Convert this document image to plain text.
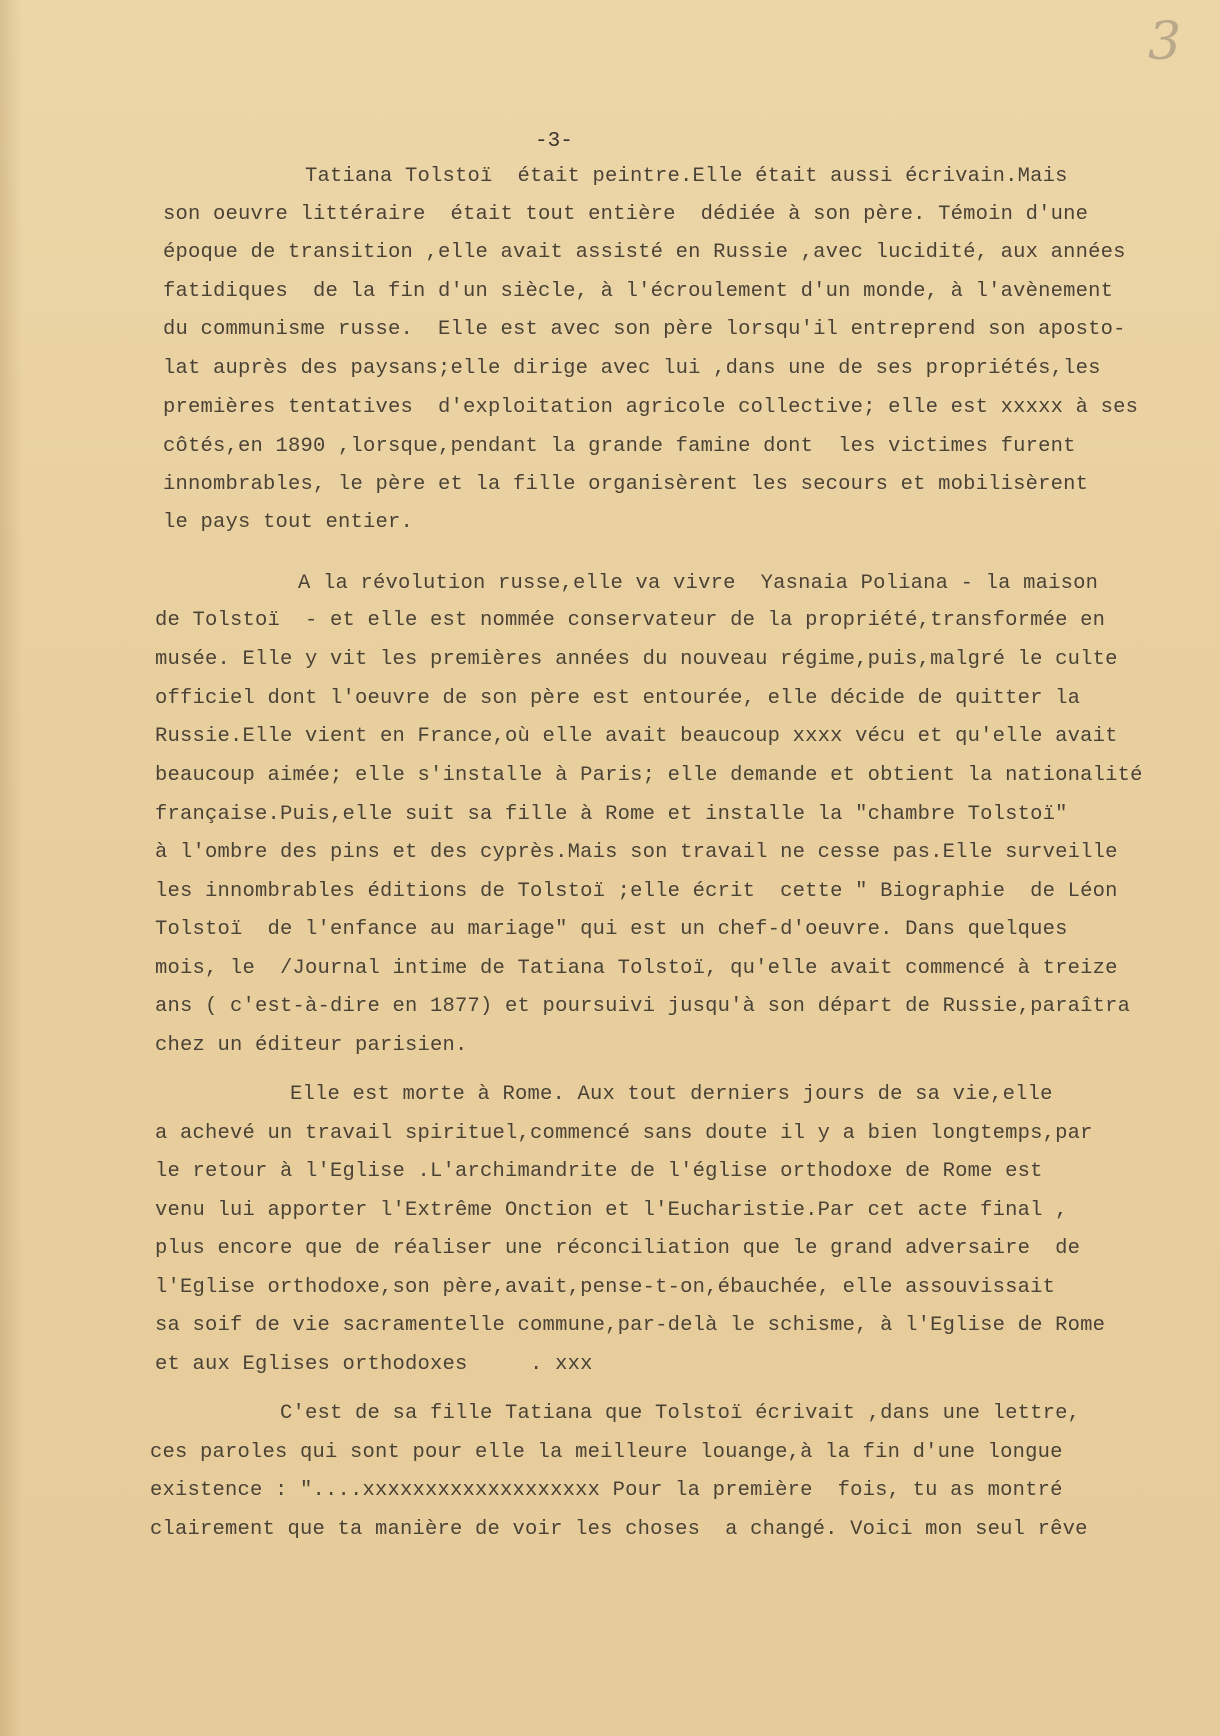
3
-3-
Tatiana Tolstoï  était peintre.Elle était aussi écrivain.Mais
son oeuvre littéraire  était tout entière  dédiée à son père. Témoin d'une
époque de transition ,elle avait assisté en Russie ,avec lucidité, aux années
fatidiques  de la fin d'un siècle, à l'écroulement d'un monde, à l'avènement
du communisme russe.  Elle est avec son père lorsqu'il entreprend son aposto-
lat auprès des paysans;elle dirige avec lui ,dans une de ses propriétés,les
premières tentatives  d'exploitation agricole collective; elle est xxxxx à ses
côtés,en 1890 ,lorsque,pendant la grande famine dont  les victimes furent
innombrables, le père et la fille organisèrent les secours et mobilisèrent
le pays tout entier.
A la révolution russe,elle va vivre  Yasnaia Poliana - la maison
de Tolstoï  - et elle est nommée conservateur de la propriété,transformée en
musée. Elle y vit les premières années du nouveau régime,puis,malgré le culte
officiel dont l'oeuvre de son père est entourée, elle décide de quitter la
Russie.Elle vient en France,où elle avait beaucoup xxxx vécu et qu'elle avait
beaucoup aimée; elle s'installe à Paris; elle demande et obtient la nationalité
française.Puis,elle suit sa fille à Rome et installe la "chambre Tolstoï"
à l'ombre des pins et des cyprès.Mais son travail ne cesse pas.Elle surveille
les innombrables éditions de Tolstoï ;elle écrit  cette " Biographie  de Léon
Tolstoï  de l'enfance au mariage" qui est un chef-d'oeuvre. Dans quelques
mois, le  /Journal intime de Tatiana Tolstoï, qu'elle avait commencé à treize
ans ( c'est-à-dire en 1877) et poursuivi jusqu'à son départ de Russie,paraîtra
chez un éditeur parisien.
Elle est morte à Rome. Aux tout derniers jours de sa vie,elle
a achevé un travail spirituel,commencé sans doute il y a bien longtemps,par
le retour à l'Eglise .L'archimandrite de l'église orthodoxe de Rome est
venu lui apporter l'Extrême Onction et l'Eucharistie.Par cet acte final ,
plus encore que de réaliser une réconciliation que le grand adversaire  de
l'Eglise orthodoxe,son père,avait,pense-t-on,ébauchée, elle assouvissait
sa soif de vie sacramentelle commune,par-delà le schisme, à l'Eglise de Rome
et aux Eglises orthodoxes     . xxx
C'est de sa fille Tatiana que Tolstoï écrivait ,dans une lettre,
ces paroles qui sont pour elle la meilleure louange,à la fin d'une longue
existence : "....xxxxxxxxxxxxxxxxxxx Pour la première  fois, tu as montré
clairement que ta manière de voir les choses  a changé. Voici mon seul rêve
